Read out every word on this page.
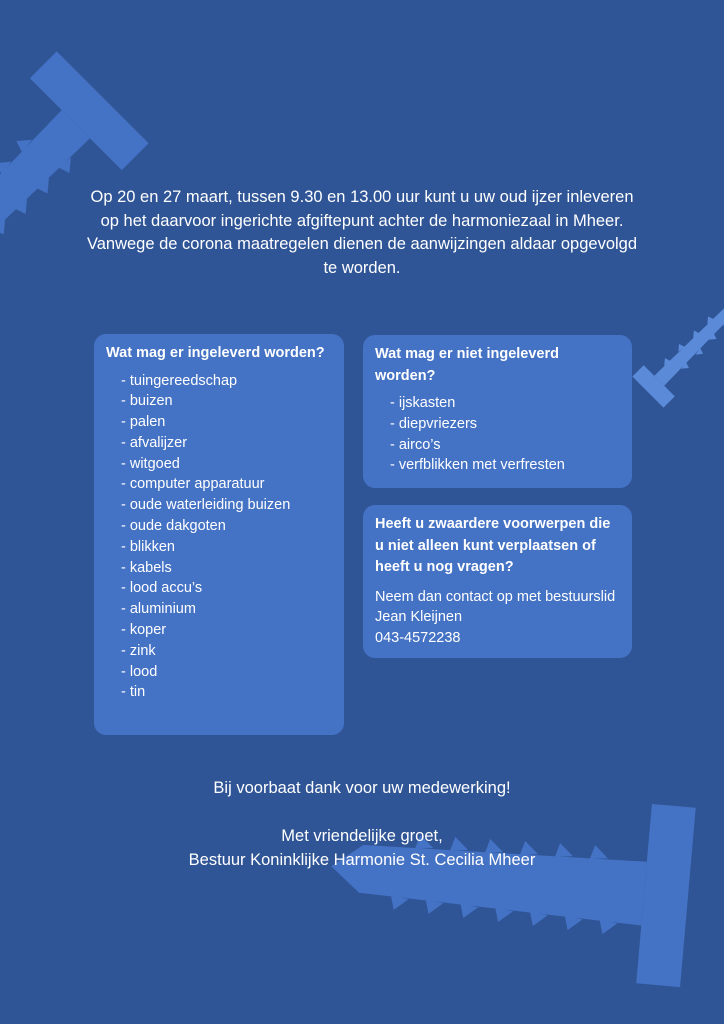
Op 20 en 27 maart, tussen 9.30 en 13.00 uur kunt u uw oud ijzer inleveren
op het daarvoor ingerichte afgiftepunt achter de harmoniezaal in Mheer.
Vanwege de corona maatregelen dienen de aanwijzingen aldaar opgevolgd
te worden.
Wat mag er ingeleverd worden?
- tuingereedschap
- buizen
- palen
- afvalijzer
- witgoed
- computer apparatuur
- oude waterleiding buizen
- oude dakgoten
- blikken
- kabels
- lood accu’s
- aluminium
- koper
- zink
- lood
- tin
Wat mag er niet ingeleverd worden?
- ijskasten
- diepvriezers
- airco’s
- verfblikken met verfresten
Heeft u zwaardere voorwerpen die u niet alleen kunt verplaatsen of heeft u nog vragen?

Neem dan contact op met bestuurslid Jean Kleijnen

043-4572238

Bij voorbaat dank voor uw medewerking!
Met vriendelijke groet,
Bestuur Koninklijke Harmonie St. Cecilia Mheer
